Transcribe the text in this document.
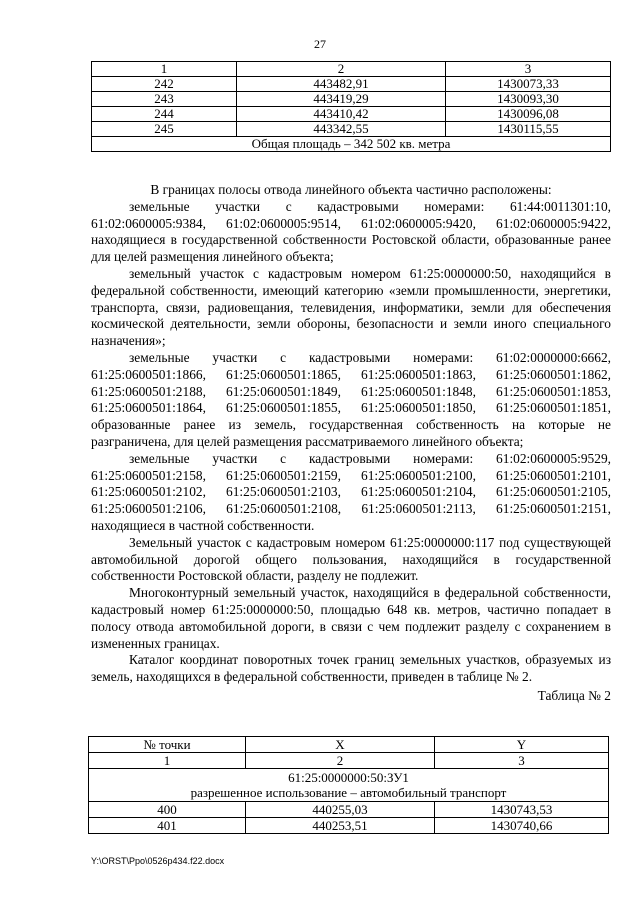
27
1	2	3
242	443482,91	1430073,33
243	443419,29	1430093,30
244	443410,42	1430096,08
245	443342,55	1430115,55
Общая площадь – 342 502 кв. метра		

В границах полосы отвода линейного объекта частично расположены:

земельные участки с кадастровыми номерами: 61:44:0011301:10, 61:02:0600005:9384, 61:02:0600005:9514, 61:02:0600005:9420, 61:02:0600005:9422, находящиеся в государственной собственности Ростовской области, образованные ранее для целей размещения линейного объекта;

земельный участок с кадастровым номером 61:25:0000000:50, находящийся в федеральной собственности, имеющий категорию «земли промышленности, энергетики, транспорта, связи, радиовещания, телевидения, информатики, земли для обеспечения космической деятельности, земли обороны, безопасности и земли иного специального назначения»;

земельные участки с кадастровыми номерами: 61:02:0000000:6662, 61:25:0600501:1866, 61:25:0600501:1865, 61:25:0600501:1863, 61:25:0600501:1862, 61:25:0600501:2188, 61:25:0600501:1849, 61:25:0600501:1848, 61:25:0600501:1853, 61:25:0600501:1864, 61:25:0600501:1855, 61:25:0600501:1850, 61:25:0600501:1851, образованные ранее из земель, государственная собственность на которые не разграничена, для целей размещения рассматриваемого линейного объекта;

земельные участки с кадастровыми номерами: 61:02:0600005:9529, 61:25:0600501:2158, 61:25:0600501:2159, 61:25:0600501:2100, 61:25:0600501:2101, 61:25:0600501:2102, 61:25:0600501:2103, 61:25:0600501:2104, 61:25:0600501:2105, 61:25:0600501:2106, 61:25:0600501:2108, 61:25:0600501:2113, 61:25:0600501:2151, находящиеся в частной собственности.

Земельный участок с кадастровым номером 61:25:0000000:117 под существующей автомобильной дорогой общего пользования, находящийся в государственной собственности Ростовской области, разделу не подлежит.

Многоконтурный земельный участок, находящийся в федеральной собственности, кадастровый номер 61:25:0000000:50, площадью 648 кв. метров, частично попадает в полосу отвода автомобильной дороги, в связи с чем подлежит разделу с сохранением в измененных границах.

Каталог координат поворотных точек границ земельных участков, образуемых из земель, находящихся в федеральной собственности, приведен в таблице № 2.

Таблица № 2

№ точки	X	Y
1	2	3

61:25:0000000:50:ЗУ1
разрешенное использование – автомобильный транспорт		

400	440255,03	1430743,53
401	440253,51	1430740,66
Y:\ORST\Ppo\0526p434.f22.docx
